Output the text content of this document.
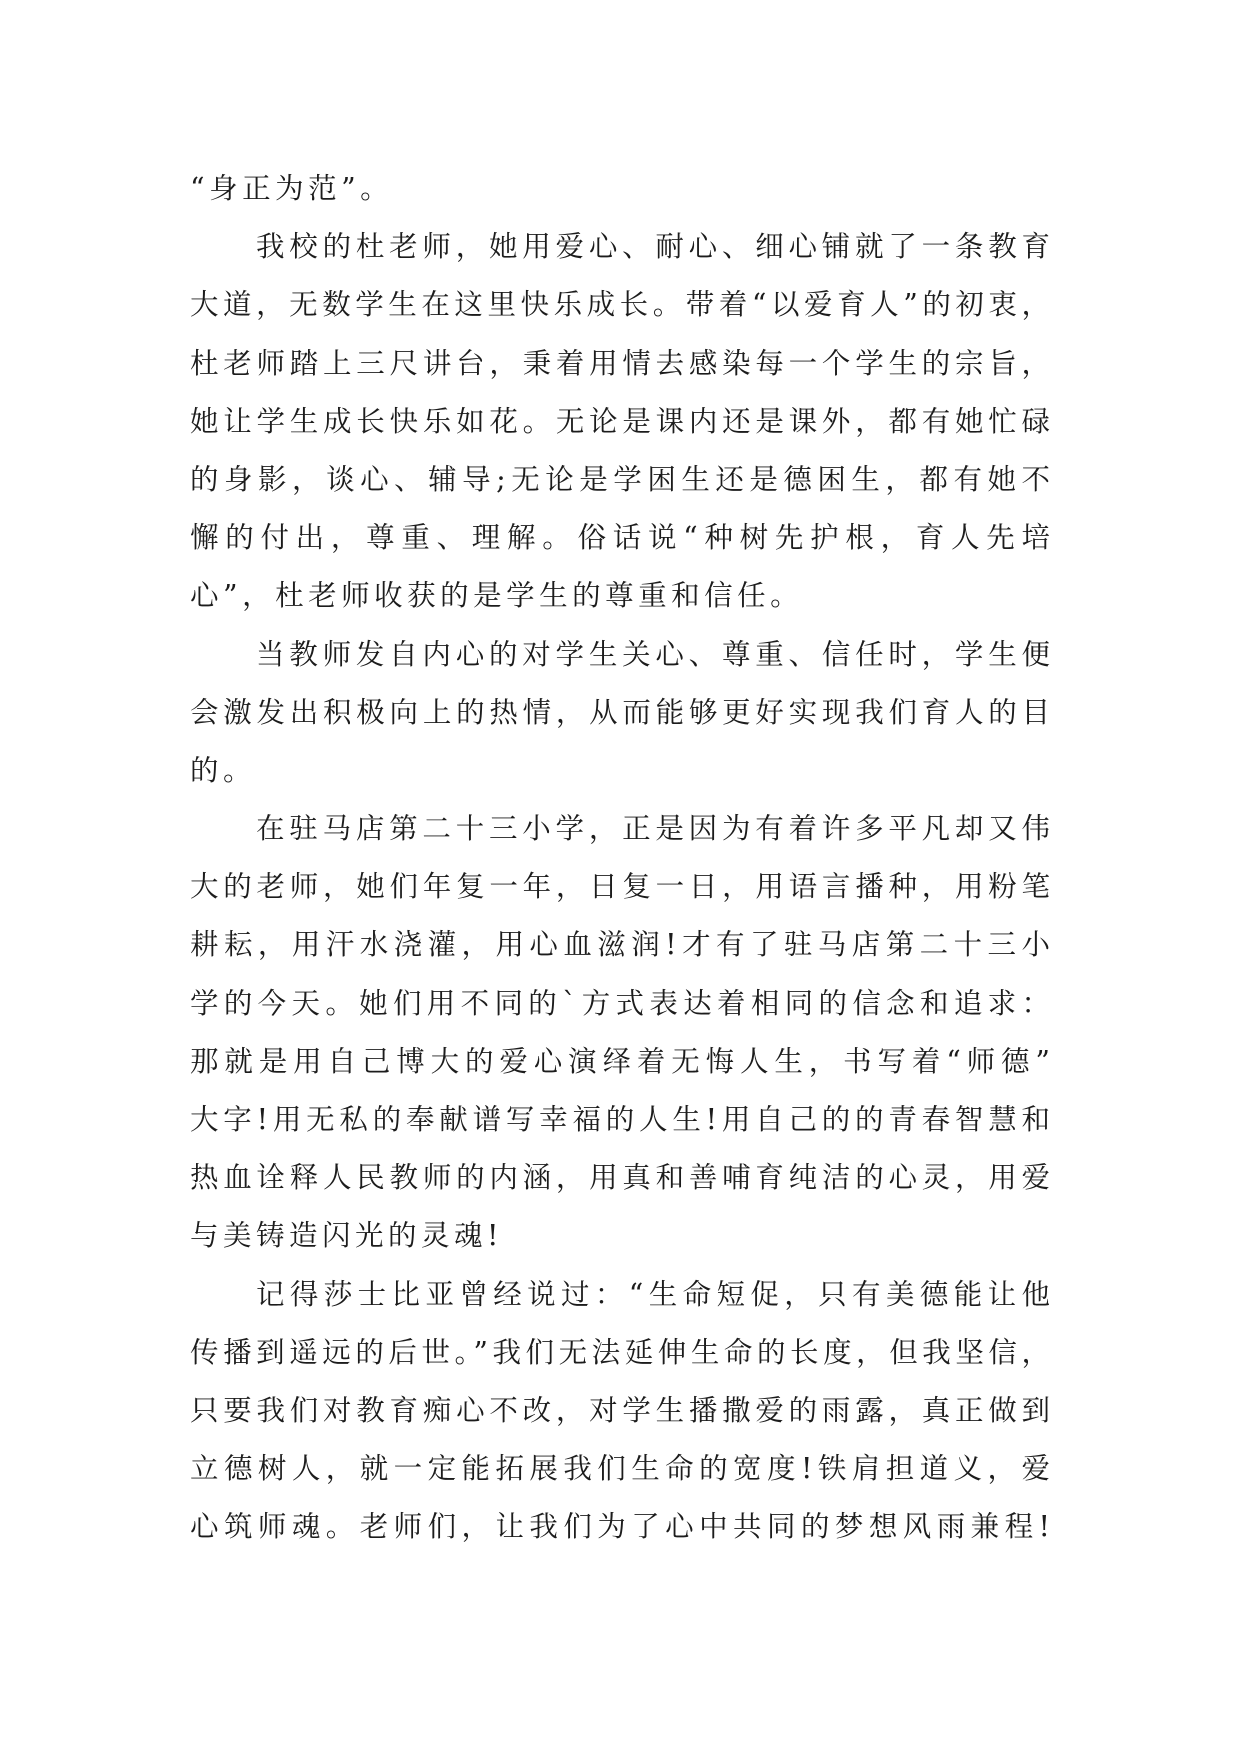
“身正为范”。

我校的杜老师，她用爱心、耐心、细心铺就了一条教育
大道，无数学生在这里快乐成长。带着“以爱育人”的初衷，
杜老师踏上三尺讲台，秉着用情去感染每一个学生的宗旨，
她让学生成长快乐如花。无论是课内还是课外，都有她忙碌
的身影，谈心、辅导;无论是学困生还是德困生，都有她不
懈的付出，尊重、理解。俗话说“种树先护根，育人先培
心”，杜老师收获的是学生的尊重和信任。

当教师发自内心的对学生关心、尊重、信任时，学生便
会激发出积极向上的热情，从而能够更好实现我们育人的目
的。

在驻马店第二十三小学，正是因为有着许多平凡却又伟
大的老师，她们年复一年，日复一日，用语言播种，用粉笔
耕耘，用汗水浇灌，用心血滋润!才有了驻马店第二十三小
学的今天。她们用不同的`方式表达着相同的信念和追求：
那就是用自己博大的爱心演绎着无悔人生，书写着“师德”
大字!用无私的奉献谱写幸福的人生!用自己的的青春智慧和
热血诠释人民教师的内涵，用真和善哺育纯洁的心灵，用爱
与美铸造闪光的灵魂!

记得莎士比亚曾经说过：“生命短促，只有美德能让他
传播到遥远的后世。”我们无法延伸生命的长度，但我坚信，
只要我们对教育痴心不改，对学生播撒爱的雨露，真正做到
立德树人，就一定能拓展我们生命的宽度!铁肩担道义，爱
心筑师魂。老师们，让我们为了心中共同的梦想风雨兼程!
